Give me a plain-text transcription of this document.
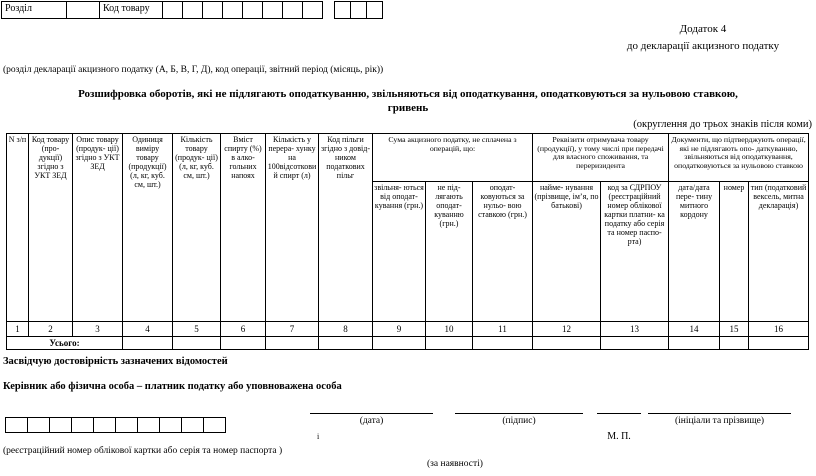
Розділ	Код товару
Додаток 4
до декларації акцизного податку
(розділ декларації акцизного податку (А, Б, В, Г, Д), код операції, звітний період (місяць, рік))
Розшифровка оборотів, які не підлягають оподаткуванню, звільняються від оподаткування, оподатковуються за нульовою ставкою,
гривень
(округлення до трьох знаків після коми)
N з/п	Код товару (про- дукції) згідно з УКТ ЗЕД	Опис товару (продук- ції) згідно з УКТ ЗЕД	Одиниця виміру товару (продукції) (л, кг, куб. см, шт.)	Кількість товару (продук- ції) (л, кг, куб. см, шт.)	Вміст спирту (%) в алко- гольних напоях	Кількість у перера- хунку на 100відсотковий спирт (л)	Код пільги згідно з довід- ником податкових пільг	Сума акцизного податку, не сплачена з операцій, що:			Реквізити отримувача товару (продукції), у тому числі при передачі для власного споживання, та переризидента		Документи, що підтверджують операції, які не підлягають опо- даткуванню, звільняються від оподаткування, оподатковуються за нульовою ставкою		
								звільня- ються від оподат- кування (грн.)	не під- лягають оподат- куванню (грн.)	оподат- ковуються за нульо- вою ставкою (грн.)	найме- нування (прізвище, ім’я, по батькові)	код за СДРПОУ (реєстраційний номер облікової картки платни- ка податку або серія та номер паспо- рта)	дата/дата пере- тину митного кордону	номер	тип (податковий вексель, митна декларація)
1	2	3	4	5	6	7	8	9	10	11	12	13	14	15	16
Усього:															
Засвідчую достовірність зазначених відомостей
Керівник або фізична особа – платник податку або уповноважена особа
і
(дата)	(підпис)
М. П.
(ініціали та прізвище)
(реєстраційний номер облікової картки або серія та номер паспорта )
(за наявності)
